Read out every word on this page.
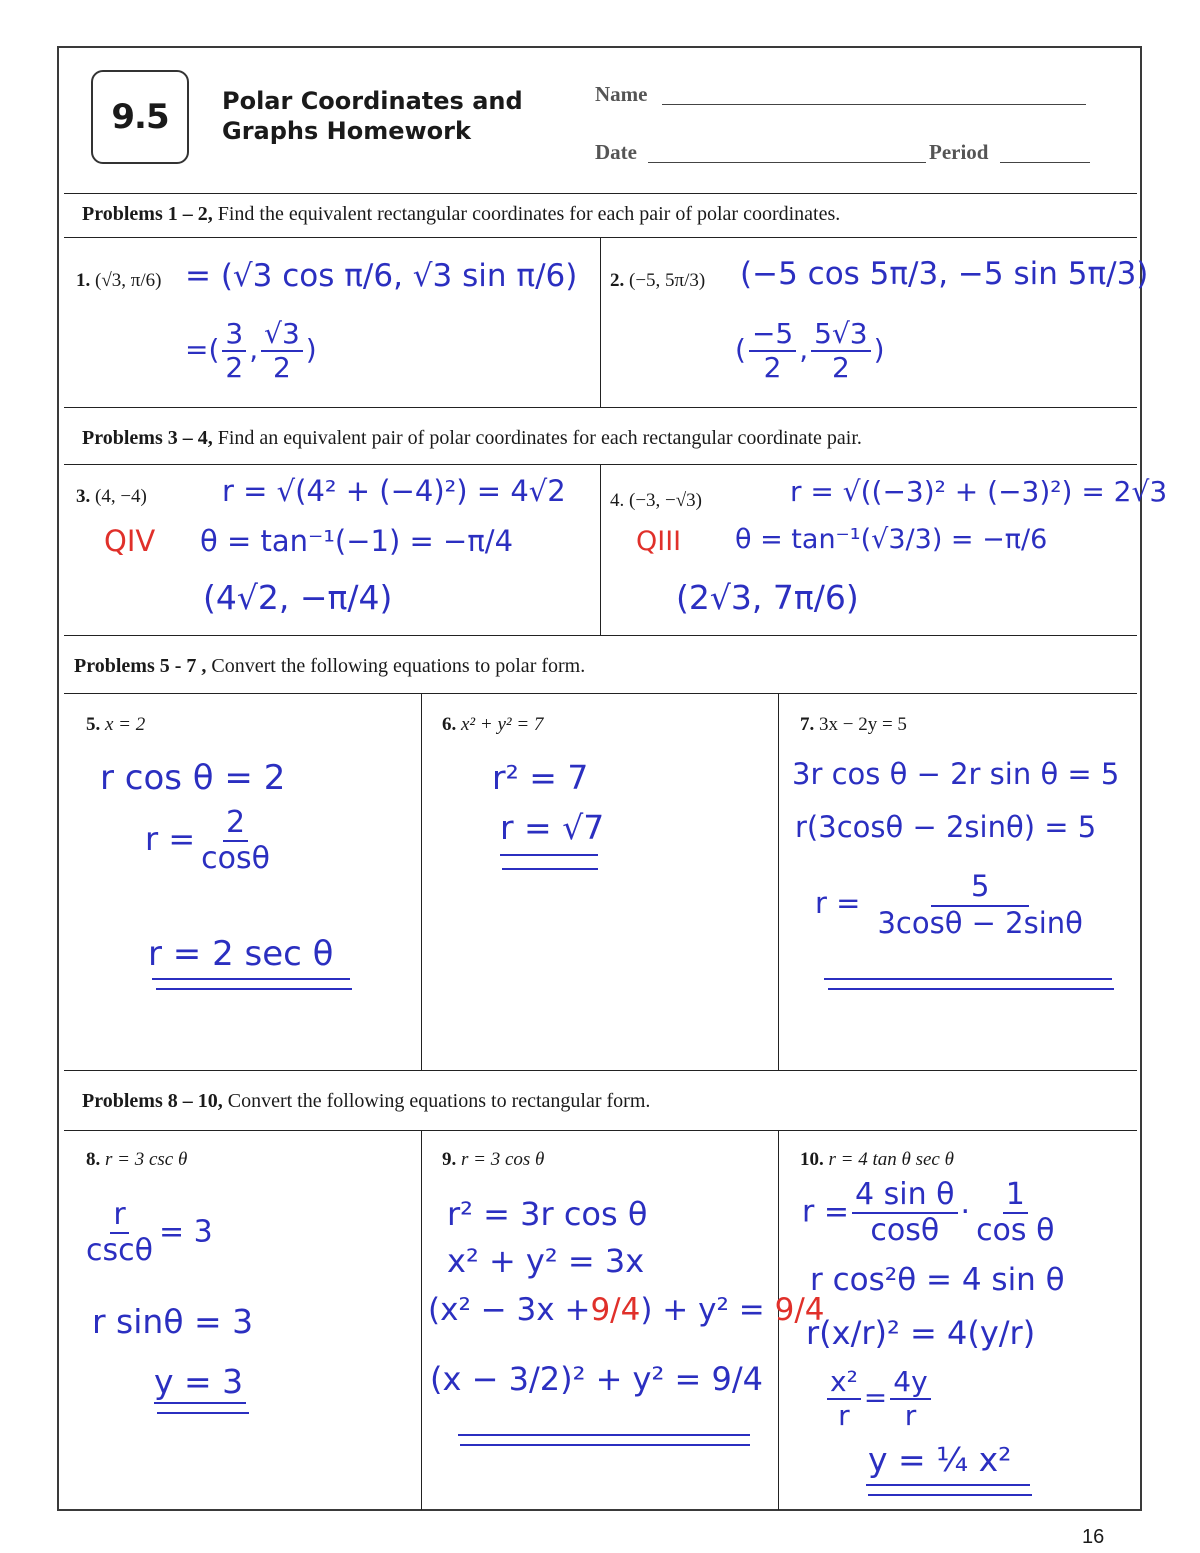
9.5	Polar Coordinates and
Graphs Homework
Name
Date	Period
Problems 1 – 2, Find the equivalent rectangular coordinates for each pair of polar coordinates.
Problems 3 – 4, Find an equivalent pair of polar coordinates for each rectangular coordinate pair.
Problems 5 - 7 , Convert the following equations to polar form.
Problems 8 – 10, Convert the following equations to rectangular form.
1. (√3, π/6)	2. (−5, 5π/3)
3. (4, −4)	4. (−3, −√3)
5. x = 2	6. x² + y² = 7	7. 3x − 2y = 5
8. r = 3 csc θ	9. r = 3 cos θ	10. r = 4 tan θ sec θ
= (√3 cos π/6, √3 sin π/6)
=( $\frac{3}{2}$ , $\frac{√3}{2}$ )
(−5 cos 5π/3, −5 sin 5π/3)
( $\frac{-5}{2}$ , $\frac{5√3}{2}$ )
r = √(4² + (−4)²) = 4√2
QIV θ = tan⁻¹(−1) = −π/4
(4√2, −π/4)
r = √((−3)² + (−3)²) = 2√3
QIII θ = tan⁻¹(√3/3) = −π/6
(2√3, 7π/6)
r cos θ = 2
$r = \frac{2}{\cos\theta}$
r = 2 sec θ
r² = 7
r = √7
3r cos θ − 2r sin θ = 5
r(3cosθ − 2sinθ) = 5
$r = \frac{5}{3\cos\theta - 2\sin\theta}$
$\frac{r}{\csc\theta} = 3$
r sinθ = 3
y = 3
r² = 3r cos θ
x² + y² = 3x
(x² − 3x +9/4) + y² = 9/4
(x − 3/2)² + y² = 9/4
$r = \frac{\text{4 sin θ}}{\cos\theta} \cdot \frac{1}{\text{cos θ}}$
r cos²θ = 4 sin θ
r(x/r)² = 4(y/r)
$\frac{\text{x²}}{r} = \frac{4y}{r}$
y = ¼ x²
16
